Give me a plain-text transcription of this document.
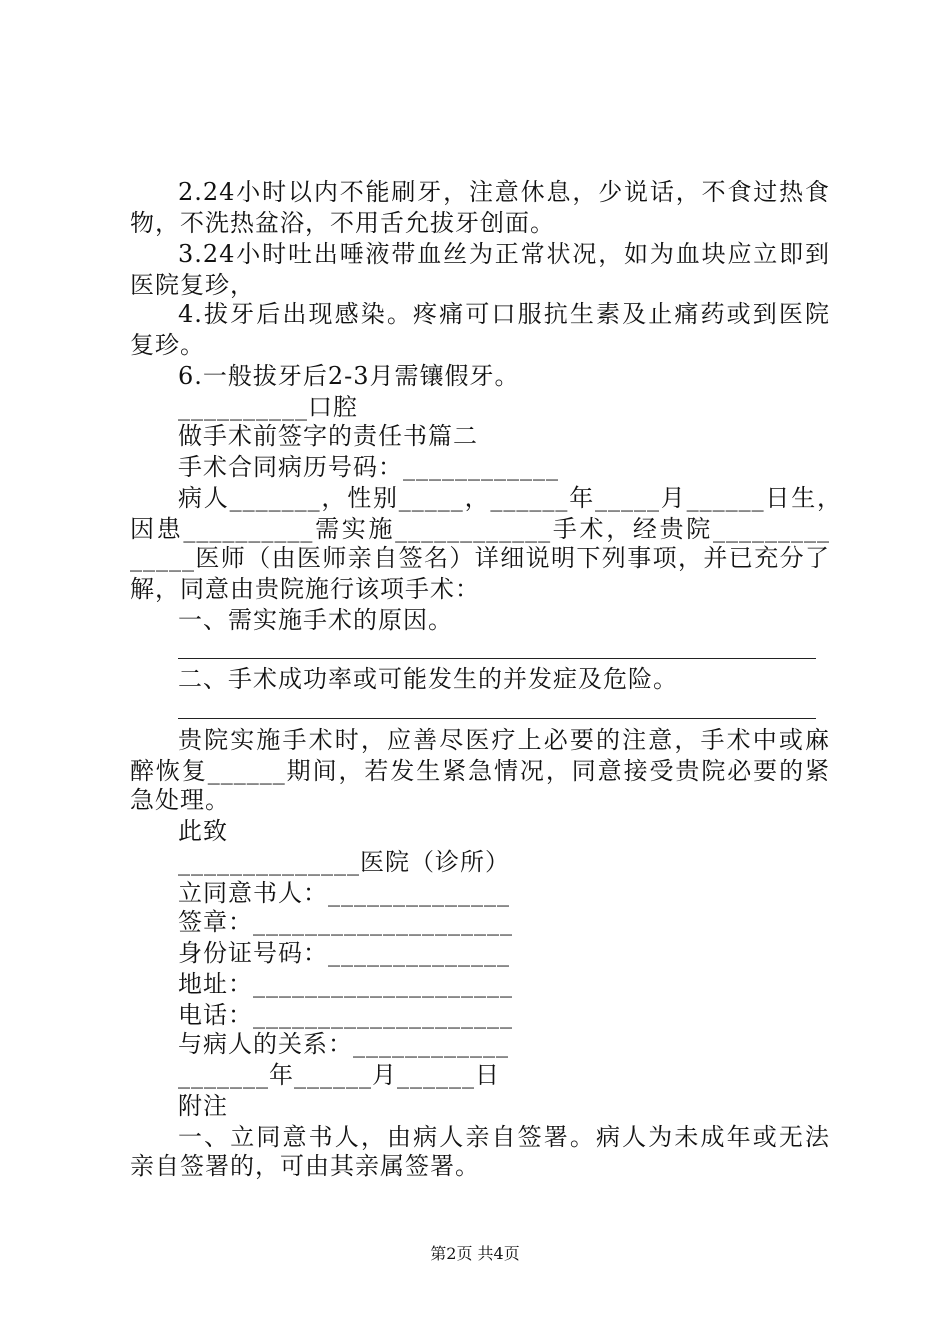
2.24小时以内不能刷牙，注意休息，少说话，不食过热食
物，不洗热盆浴，不用舌允拔牙创面。
3.24小时吐出唾液带血丝为正常状况，如为血块应立即到
医院复珍，
4.拔牙后出现感染。疼痛可口服抗生素及止痛药或到医院
复珍。
6.一般拔牙后2-3月需镶假牙。
__________口腔
做手术前签字的责任书篇二
手术合同病历号码：____________
病人_______，性别_____，______年_____月______日生，
因患__________需实施____________手术，经贵院_________
_____医师（由医师亲自签名）详细说明下列事项，并已充分了
解，同意由贵院施行该项手术：
一、需实施手术的原因。
二、手术成功率或可能发生的并发症及危险。
贵院实施手术时，应善尽医疗上必要的注意，手术中或麻
醉恢复______期间，若发生紧急情况，同意接受贵院必要的紧
急处理。
此致
______________医院（诊所）
立同意书人：______________
签章：____________________
身份证号码：______________
地址：____________________
电话：____________________
与病人的关系：____________
_______年______月______日
附注
一、立同意书人，由病人亲自签署。病人为未成年或无法
亲自签署的，可由其亲属签署。
第2页 共4页
